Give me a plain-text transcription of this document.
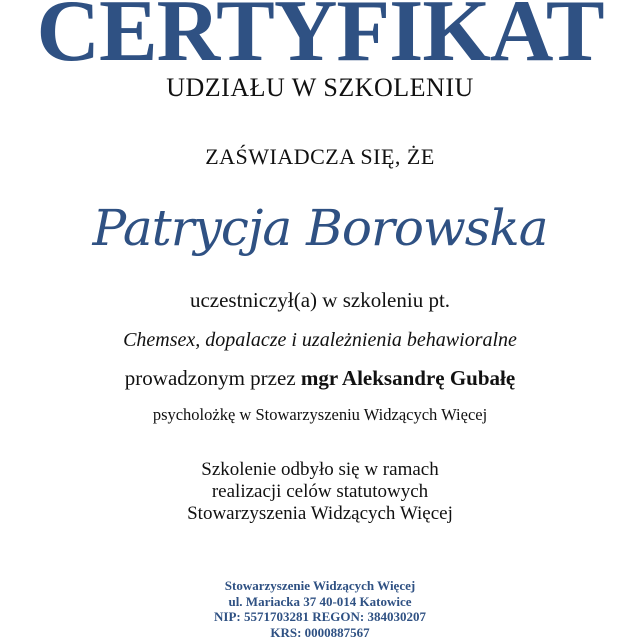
CERTYFIKAT
UDZIAŁU W SZKOLENIU
ZAŚWIADCZA SIĘ, ŻE
Patrycja Borowska
uczestniczył(a) w szkoleniu pt.
Chemsex, dopalacze i uzależnienia behawioralne
prowadzonym przez mgr Aleksandrę Gubałę
psycholożkę w Stowarzyszeniu Widzących Więcej
Szkolenie odbyło się w ramach
realizacji celów statutowych
Stowarzyszenia Widzących Więcej
Stowarzyszenie Widzących Więcej
ul. Mariacka 37 40-014 Katowice
NIP: 5571703281 REGON: 384030207
KRS: 0000887567
